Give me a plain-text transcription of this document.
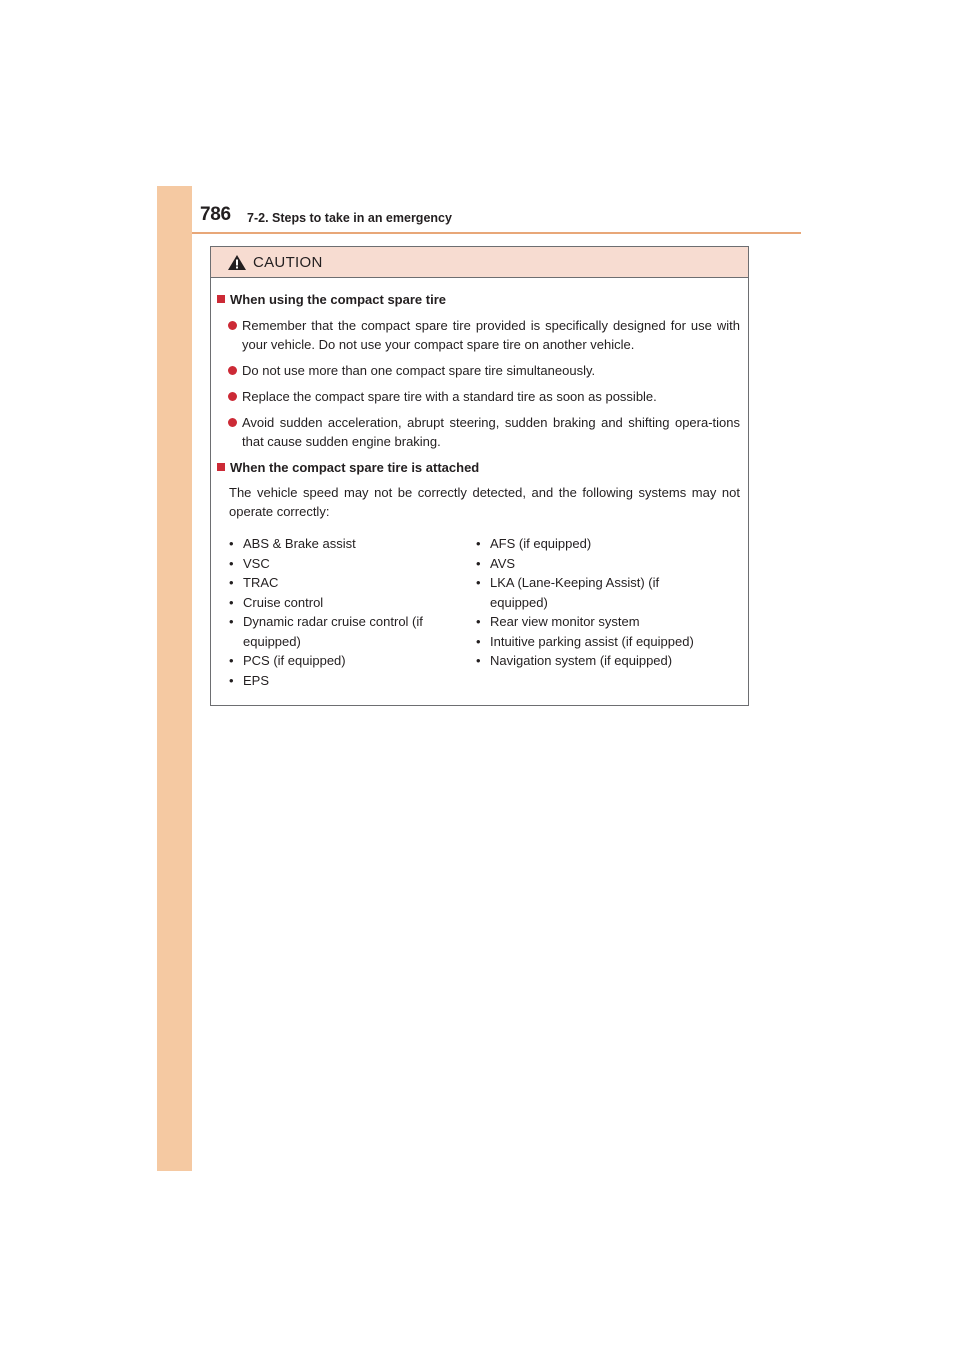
786 7-2. Steps to take in an emergency
CAUTION
When using the compact spare tire
Remember that the compact spare tire provided is specifically designed for use with your vehicle. Do not use your compact spare tire on another vehicle.
Do not use more than one compact spare tire simultaneously.
Replace the compact spare tire with a standard tire as soon as possible.
Avoid sudden acceleration, abrupt steering, sudden braking and shifting opera-tions that cause sudden engine braking.
When the compact spare tire is attached
The vehicle speed may not be correctly detected, and the following systems may not operate correctly:
• ABS & Brake assist
• VSC
• TRAC
• Cruise control
• Dynamic radar cruise control (if equipped)
• PCS (if equipped)
• EPS
• AFS (if equipped)
• AVS
• LKA (Lane-Keeping Assist) (if equipped)
• Rear view monitor system
• Intuitive parking assist (if equipped)
• Navigation system (if equipped)
